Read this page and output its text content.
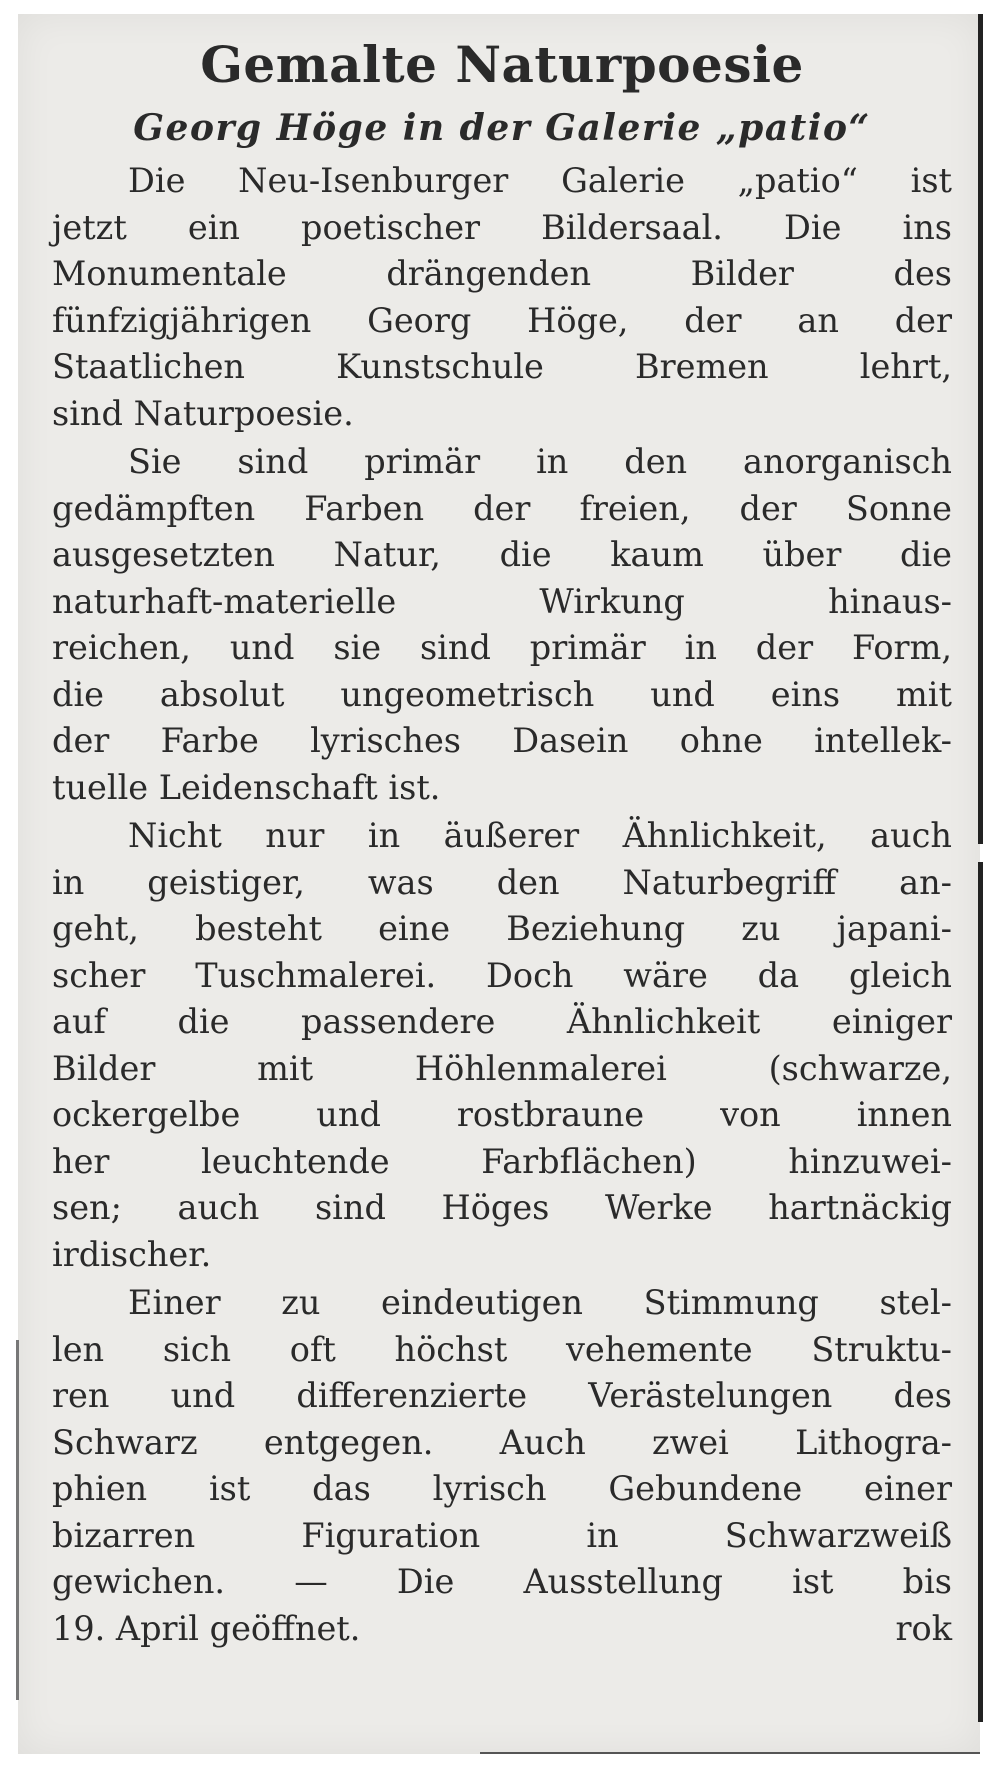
Gemalte Naturpoesie
Georg Höge in der Galerie „patio“
Die Neu-Isenburger Galerie „patio“ ist
jetzt ein poetischer Bildersaal. Die ins
Monumentale drängenden Bilder des
fünfzigjährigen Georg Höge, der an der
Staatlichen Kunstschule Bremen lehrt,
sind Naturpoesie.
Sie sind primär in den anorganisch
gedämpften Farben der freien, der Sonne
ausgesetzten Natur, die kaum über die
naturhaft-materielle Wirkung hinaus-
reichen, und sie sind primär in der Form,
die absolut ungeometrisch und eins mit
der Farbe lyrisches Dasein ohne intellek-
tuelle Leidenschaft ist.
Nicht nur in äußerer Ähnlichkeit, auch
in geistiger, was den Naturbegriff an-
geht, besteht eine Beziehung zu japani-
scher Tuschmalerei. Doch wäre da gleich
auf die passendere Ähnlichkeit einiger
Bilder mit Höhlenmalerei (schwarze,
ockergelbe und rostbraune von innen
her leuchtende Farbflächen) hinzuwei-
sen; auch sind Höges Werke hartnäckig
irdischer.
Einer zu eindeutigen Stimmung stel-
len sich oft höchst vehemente Struktu-
ren und differenzierte Verästelungen des
Schwarz entgegen. Auch zwei Lithogra-
phien ist das lyrisch Gebundene einer
bizarren Figuration in Schwarzweiß
gewichen. — Die Ausstellung ist bis
19. April geöffnet.	rok
